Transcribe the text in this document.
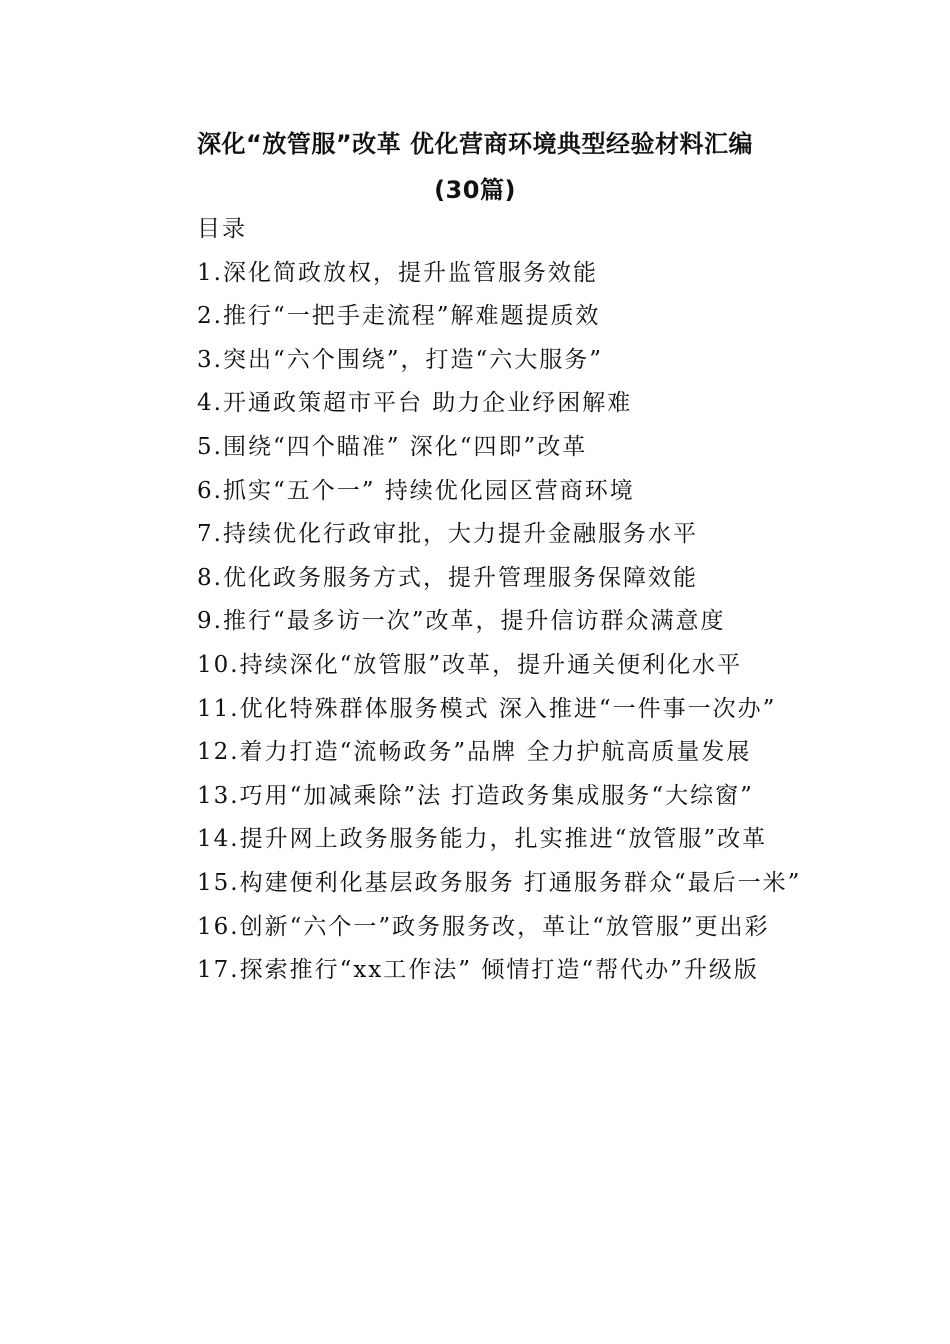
深化“放管服”改革 优化营商环境典型经验材料汇编
(30篇)

目录

1.深化简政放权，提升监管服务效能

2.推行“一把手走流程”解难题提质效

3.突出“六个围绕”，打造“六大服务”

4.开通政策超市平台 助力企业纾困解难

5.围绕“四个瞄准” 深化“四即”改革

6.抓实“五个一” 持续优化园区营商环境

7.持续优化行政审批，大力提升金融服务水平

8.优化政务服务方式，提升管理服务保障效能

9.推行“最多访一次”改革，提升信访群众满意度

10.持续深化“放管服”改革，提升通关便利化水平

11.优化特殊群体服务模式 深入推进“一件事一次办”

12.着力打造“流畅政务”品牌 全力护航高质量发展

13.巧用“加减乘除”法 打造政务集成服务“大综窗”

14.提升网上政务服务能力，扎实推进“放管服”改革

15.构建便利化基层政务服务 打通服务群众“最后一米”

16.创新“六个一”政务服务改，革让“放管服”更出彩

17.探索推行“xx工作法” 倾情打造“帮代办”升级版
